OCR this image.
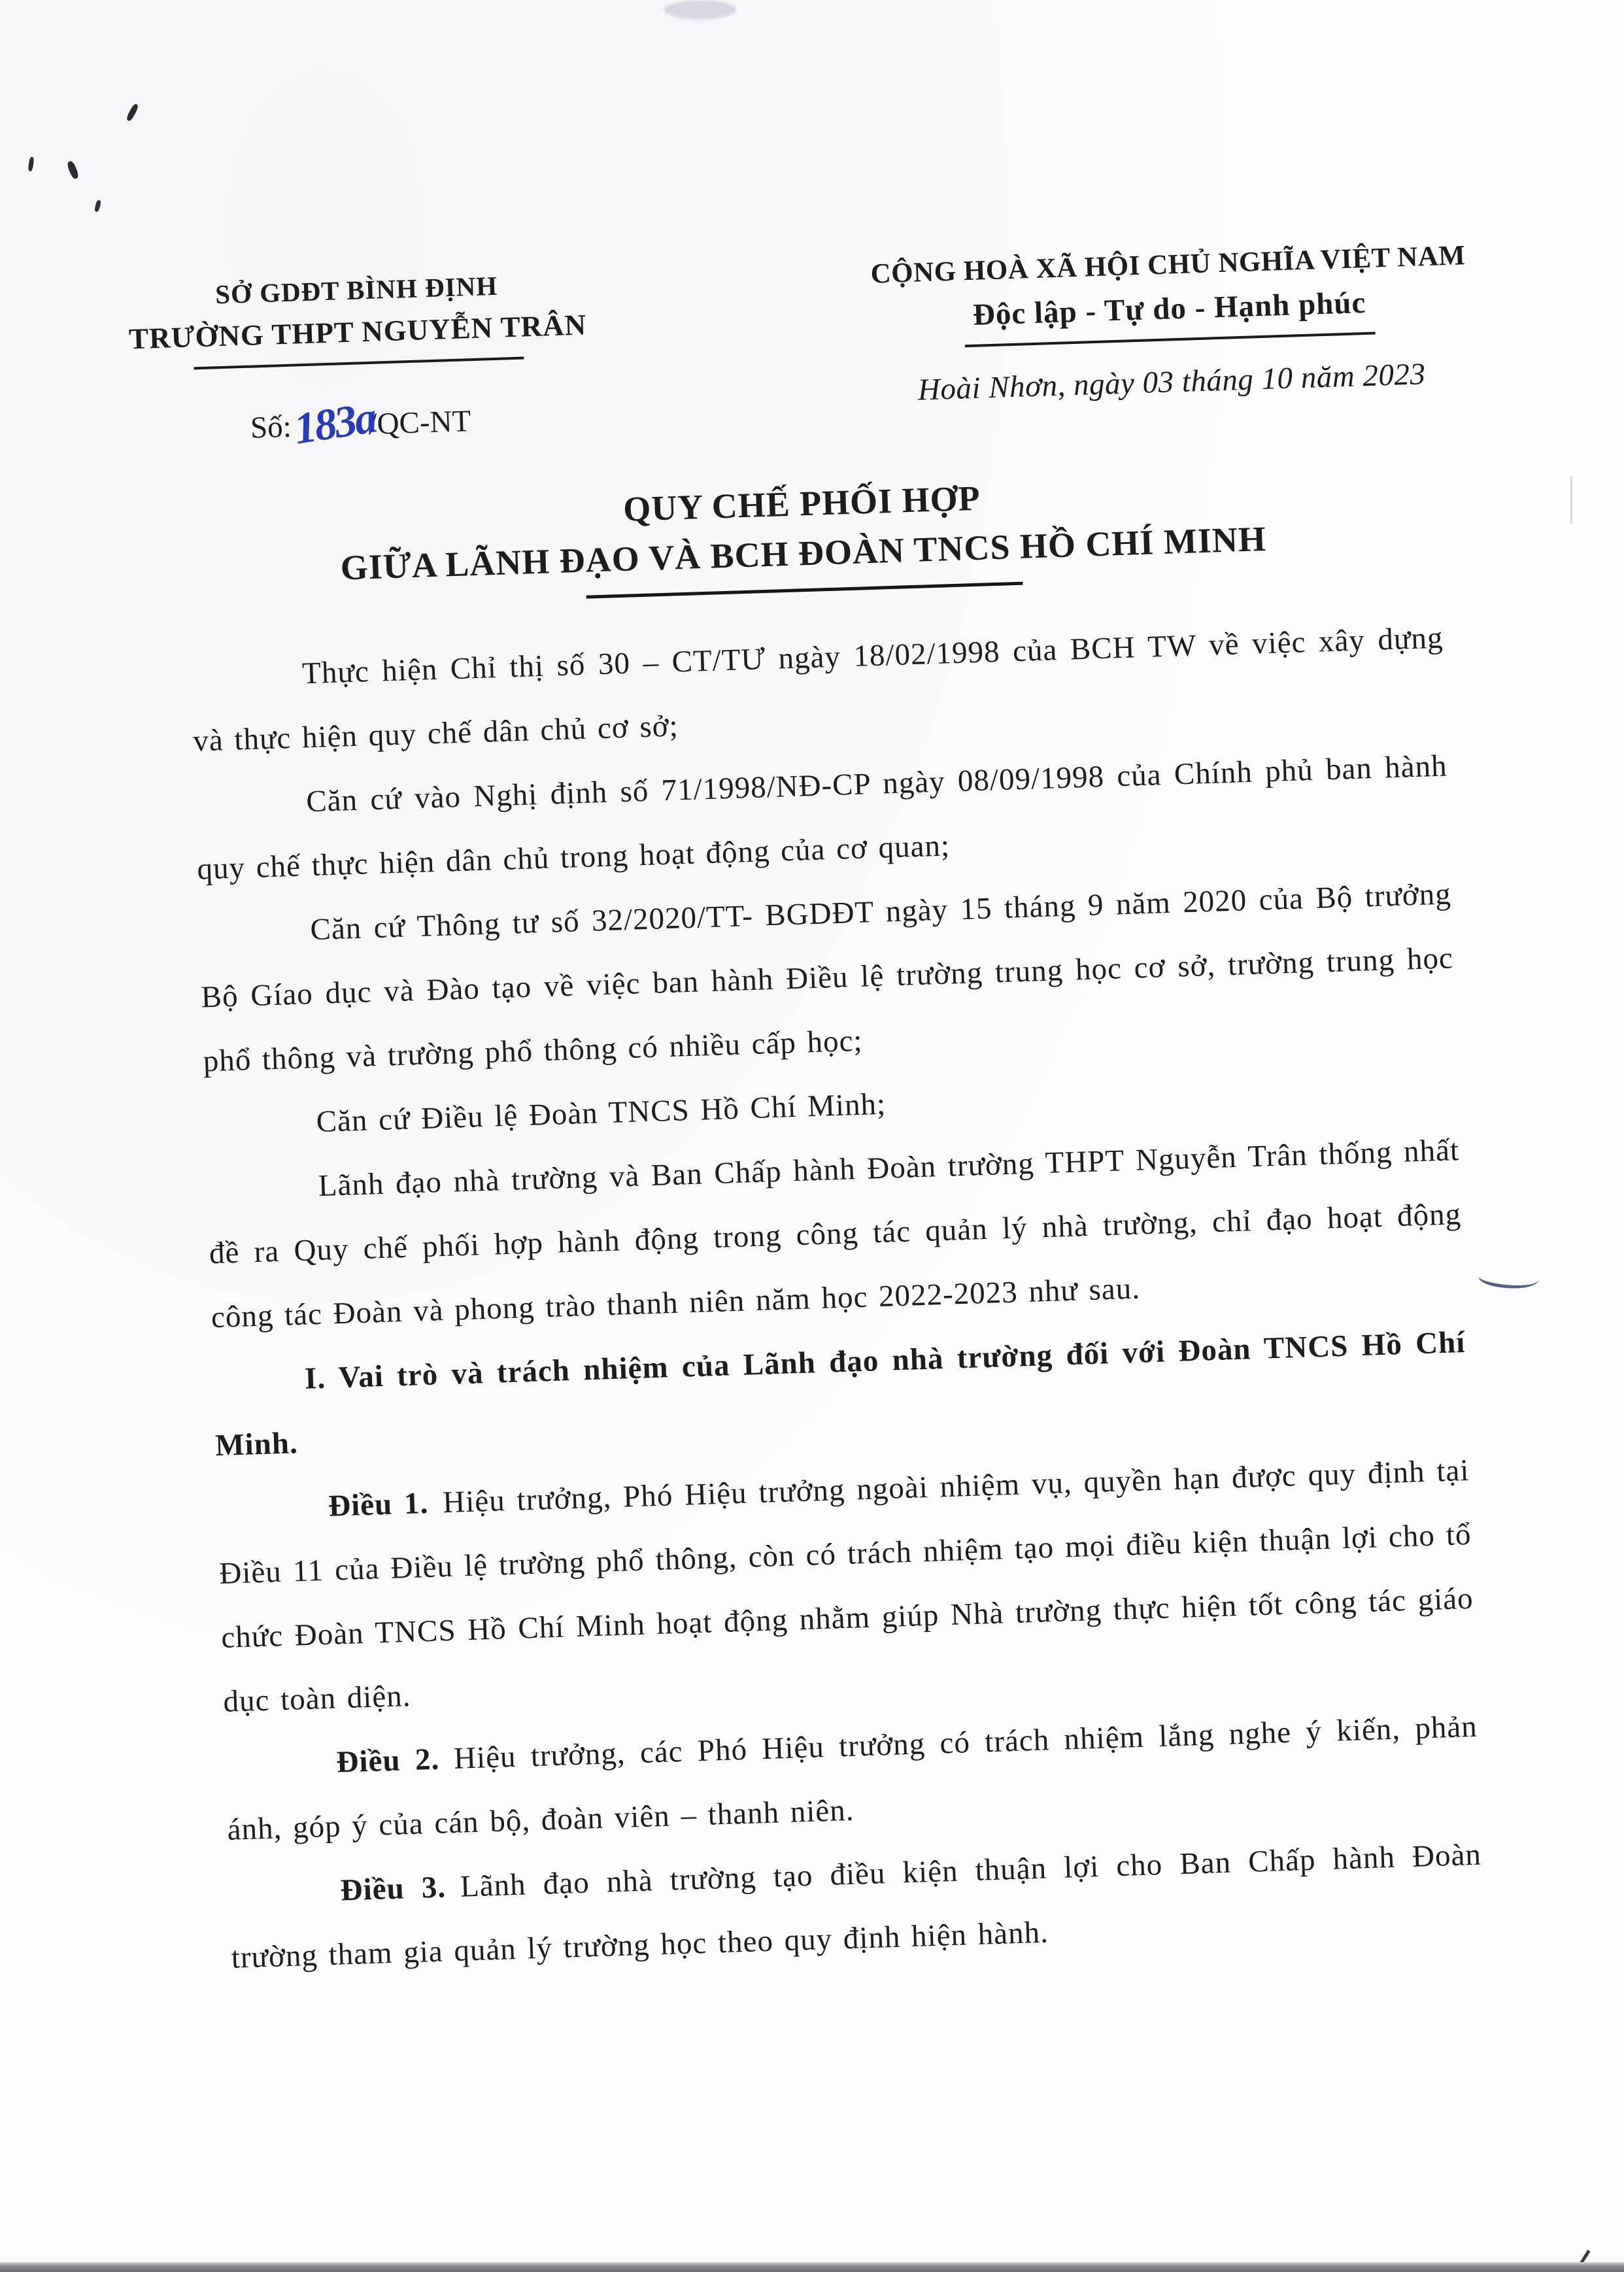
SỞ GDĐT BÌNH ĐỊNH
TRƯỜNG THPT NGUYỄN TRÂN
CỘNG HOÀ XÃ HỘI CHỦ NGHĨA VIỆT NAM
Độc lập - Tự do - Hạnh phúc
Số:183a/QC-NT
Hoài Nhơn, ngày 03 tháng 10 năm 2023
QUY CHẾ PHỐI HỢP
GIỮA LÃNH ĐẠO VÀ BCH ĐOÀN TNCS HỒ CHÍ MINH

Thực hiện Chỉ thị số 30 – CT/TƯ ngày 18/02/1998 của BCH TW về việc xây dựng và thực hiện quy chế dân chủ cơ sở;

Căn cứ vào Nghị định số 71/1998/NĐ-CP ngày 08/09/1998 của Chính phủ ban hành quy chế thực hiện dân chủ trong hoạt động của cơ quan;

Căn cứ Thông tư số 32/2020/TT- BGDĐT ngày 15 tháng 9 năm 2020 của Bộ trưởng Bộ Gíao dục và Đào tạo về việc ban hành Điều lệ trường trung học cơ sở, trường trung học phổ thông và trường phổ thông có nhiều cấp học;

Căn cứ Điều lệ Đoàn TNCS Hồ Chí Minh;

Lãnh đạo nhà trường và Ban Chấp hành Đoàn trường THPT Nguyễn Trân thống nhất đề ra Quy chế phối hợp hành động trong công tác quản lý nhà trường, chỉ đạo hoạt động công tác Đoàn và phong trào thanh niên năm học 2022-2023 như sau.

I. Vai trò và trách nhiệm của Lãnh đạo nhà trường đối với Đoàn TNCS Hồ Chí Minh.

Điều 1. Hiệu trưởng, Phó Hiệu trưởng ngoài nhiệm vụ, quyền hạn được quy định tại Điều 11 của Điều lệ trường phổ thông, còn có trách nhiệm tạo mọi điều kiện thuận lợi cho tổ chức Đoàn TNCS Hồ Chí Minh hoạt động nhằm giúp Nhà trường thực hiện tốt công tác giáo dục toàn diện.

Điều 2. Hiệu trưởng, các Phó Hiệu trưởng có trách nhiệm lắng nghe ý kiến, phản ánh, góp ý của cán bộ, đoàn viên – thanh niên.

Điều 3. Lãnh đạo nhà trường tạo điều kiện thuận lợi cho Ban Chấp hành Đoàn trường tham gia quản lý trường học theo quy định hiện hành.
